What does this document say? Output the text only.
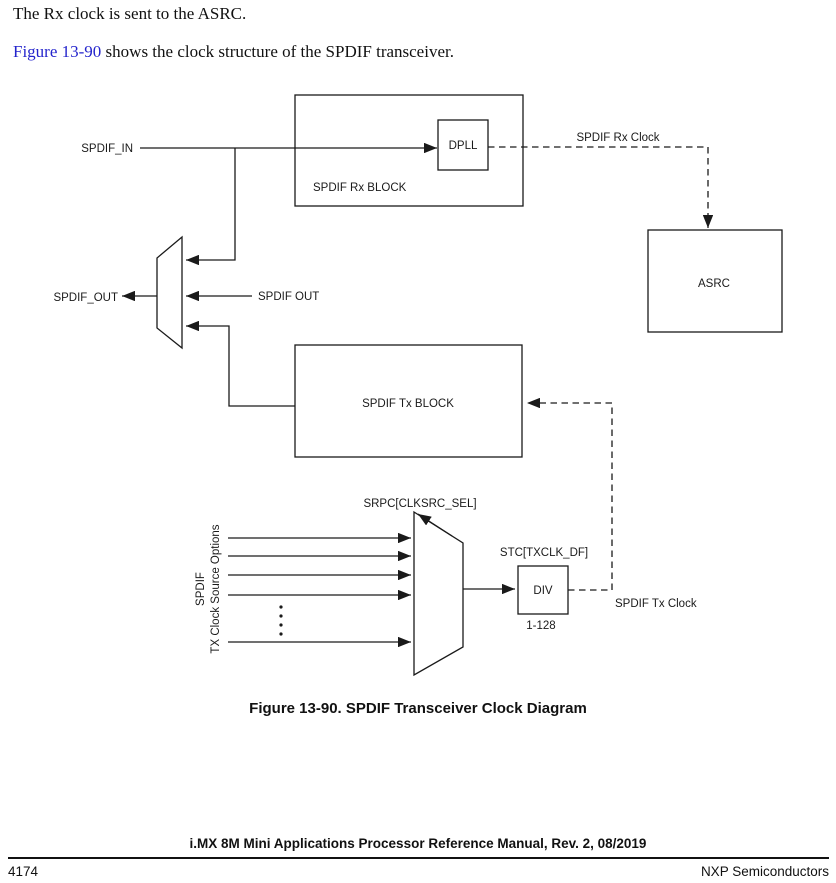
The Rx clock is sent to the ASRC.

Figure 13-90 shows the clock structure of the SPDIF transceiver.

SPDIF_IN
SPDIF_OUT	SPDIF OUT
SPDIF Rx BLOCK
DPLL
SPDIF Rx Clock
ASRC
SPDIF Tx BLOCK
SRPC[CLKSRC_SEL]
STC[TXCLK_DF]
DIV
1-128
SPDIF Tx Clock
SPDIF TX Clock Source Options
Figure 13-90. SPDIF Transceiver Clock Diagram
i.MX 8M Mini Applications Processor Reference Manual, Rev. 2, 08/2019
4174	NXP Semiconductors
